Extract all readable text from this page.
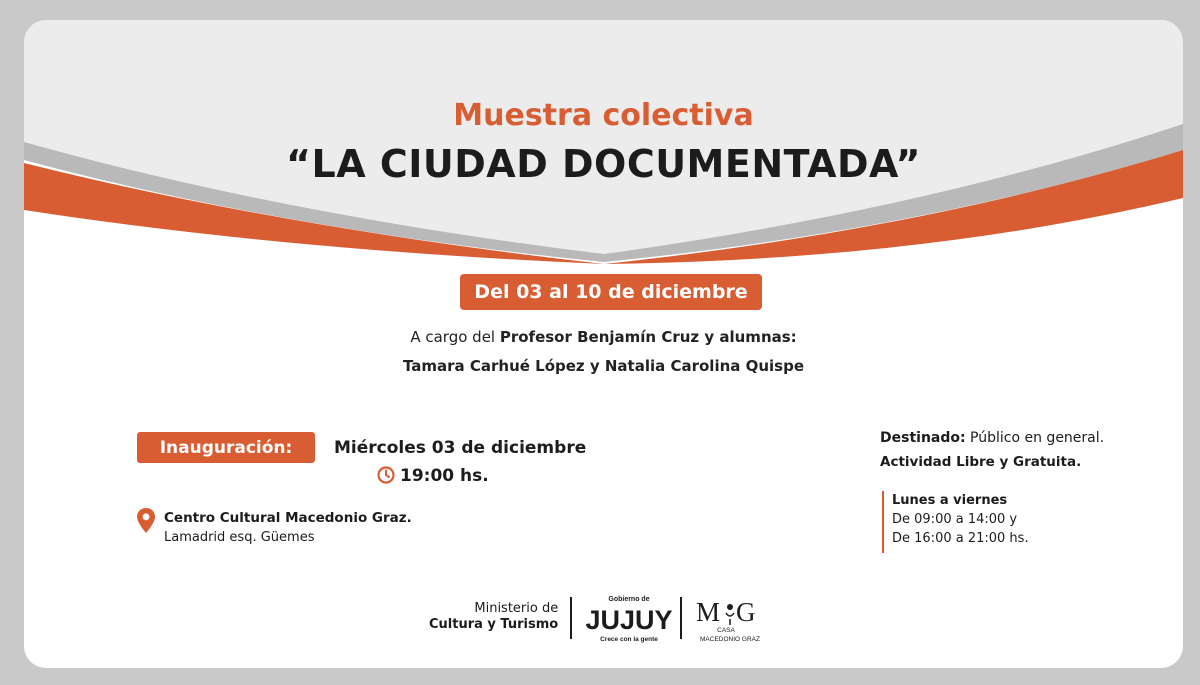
Muestra colectiva
“LA CIUDAD DOCUMENTADA”
Del 03 al 10 de diciembre
A cargo del Profesor Benjamín Cruz y alumnas:
Tamara Carhué López y Natalia Carolina Quispe
Inauguración:	Miércoles 03 de diciembre
19:00 hs.
Centro Cultural Macedonio Graz.
Lamadrid esq. Güemes
Destinado: Público en general.
Actividad Libre y Gratuita.
Lunes a viernes
De 09:00 a 14:00 y
De 16:00 a 21:00 hs.
Ministerio de
Cultura y Turismo
Gobierno de
JUJUY
Crece con la gente
M G
CASA
MACEDONIO GRAZ
